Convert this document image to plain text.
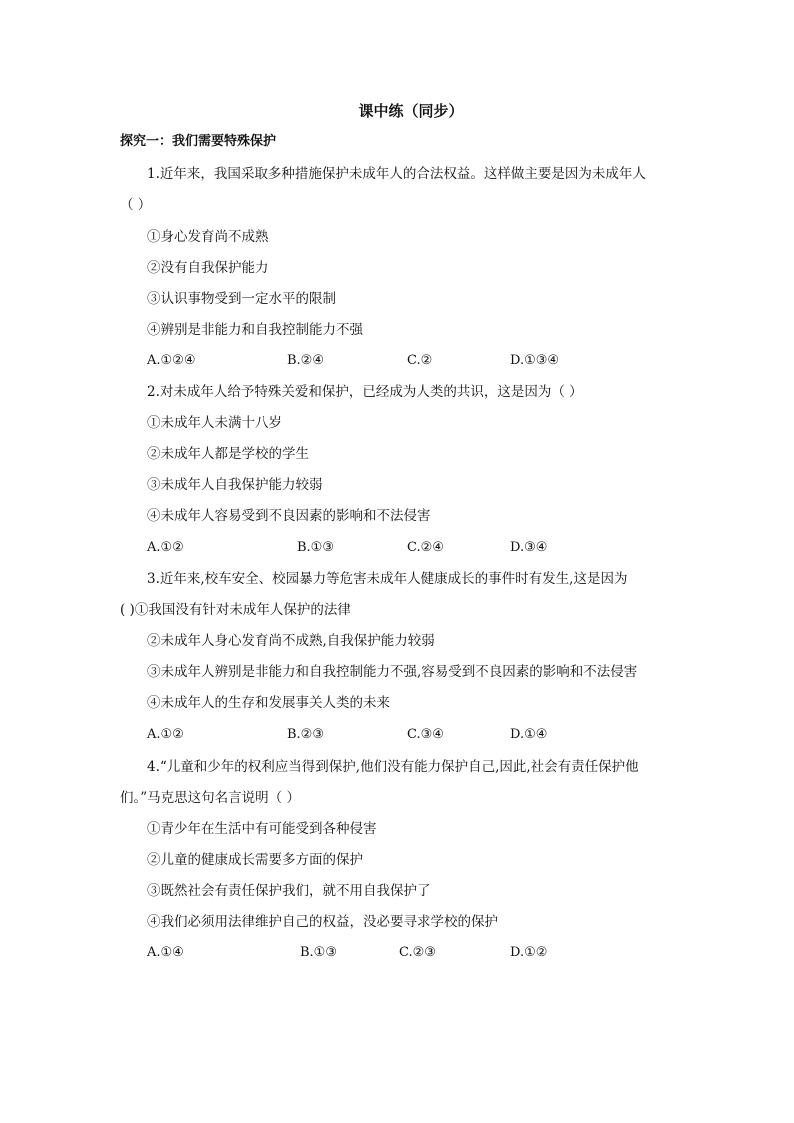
课中练（同步）
探究一：我们需要特殊保护
1.近年来，我国采取多种措施保护未成年人的合法权益。这样做主要是因为未成年人
（ ）
①身心发育尚不成熟
②没有自我保护能力
③认识事物受到一定水平的限制
④辨别是非能力和自我控制能力不强
A.①②④	B.②④	C.②	D.①③④
2.对未成年人给予特殊关爱和保护，已经成为人类的共识，这是因为（ ）
①未成年人未满十八岁
②未成年人都是学校的学生
③未成年人自我保护能力较弱
④未成年人容易受到不良因素的影响和不法侵害
A.①②	B.①③	C.②④	D.③④
3.近年来,校车安全、校园暴力等危害未成年人健康成长的事件时有发生,这是因为
( )①我国没有针对未成年人保护的法律
②未成年人身心发育尚不成熟,自我保护能力较弱
③未成年人辨别是非能力和自我控制能力不强,容易受到不良因素的影响和不法侵害
④未成年人的生存和发展事关人类的未来
A.①②	B.②③	C.③④	D.①④
4.“儿童和少年的权利应当得到保护,他们没有能力保护自己,因此,社会有责任保护他
们。”马克思这句名言说明（ ）
①青少年在生活中有可能受到各种侵害
②儿童的健康成长需要多方面的保护
③既然社会有责任保护我们，就不用自我保护了
④我们必须用法律维护自己的权益，没必要寻求学校的保护
A.①④	B.①③	C.②③	D.①②
